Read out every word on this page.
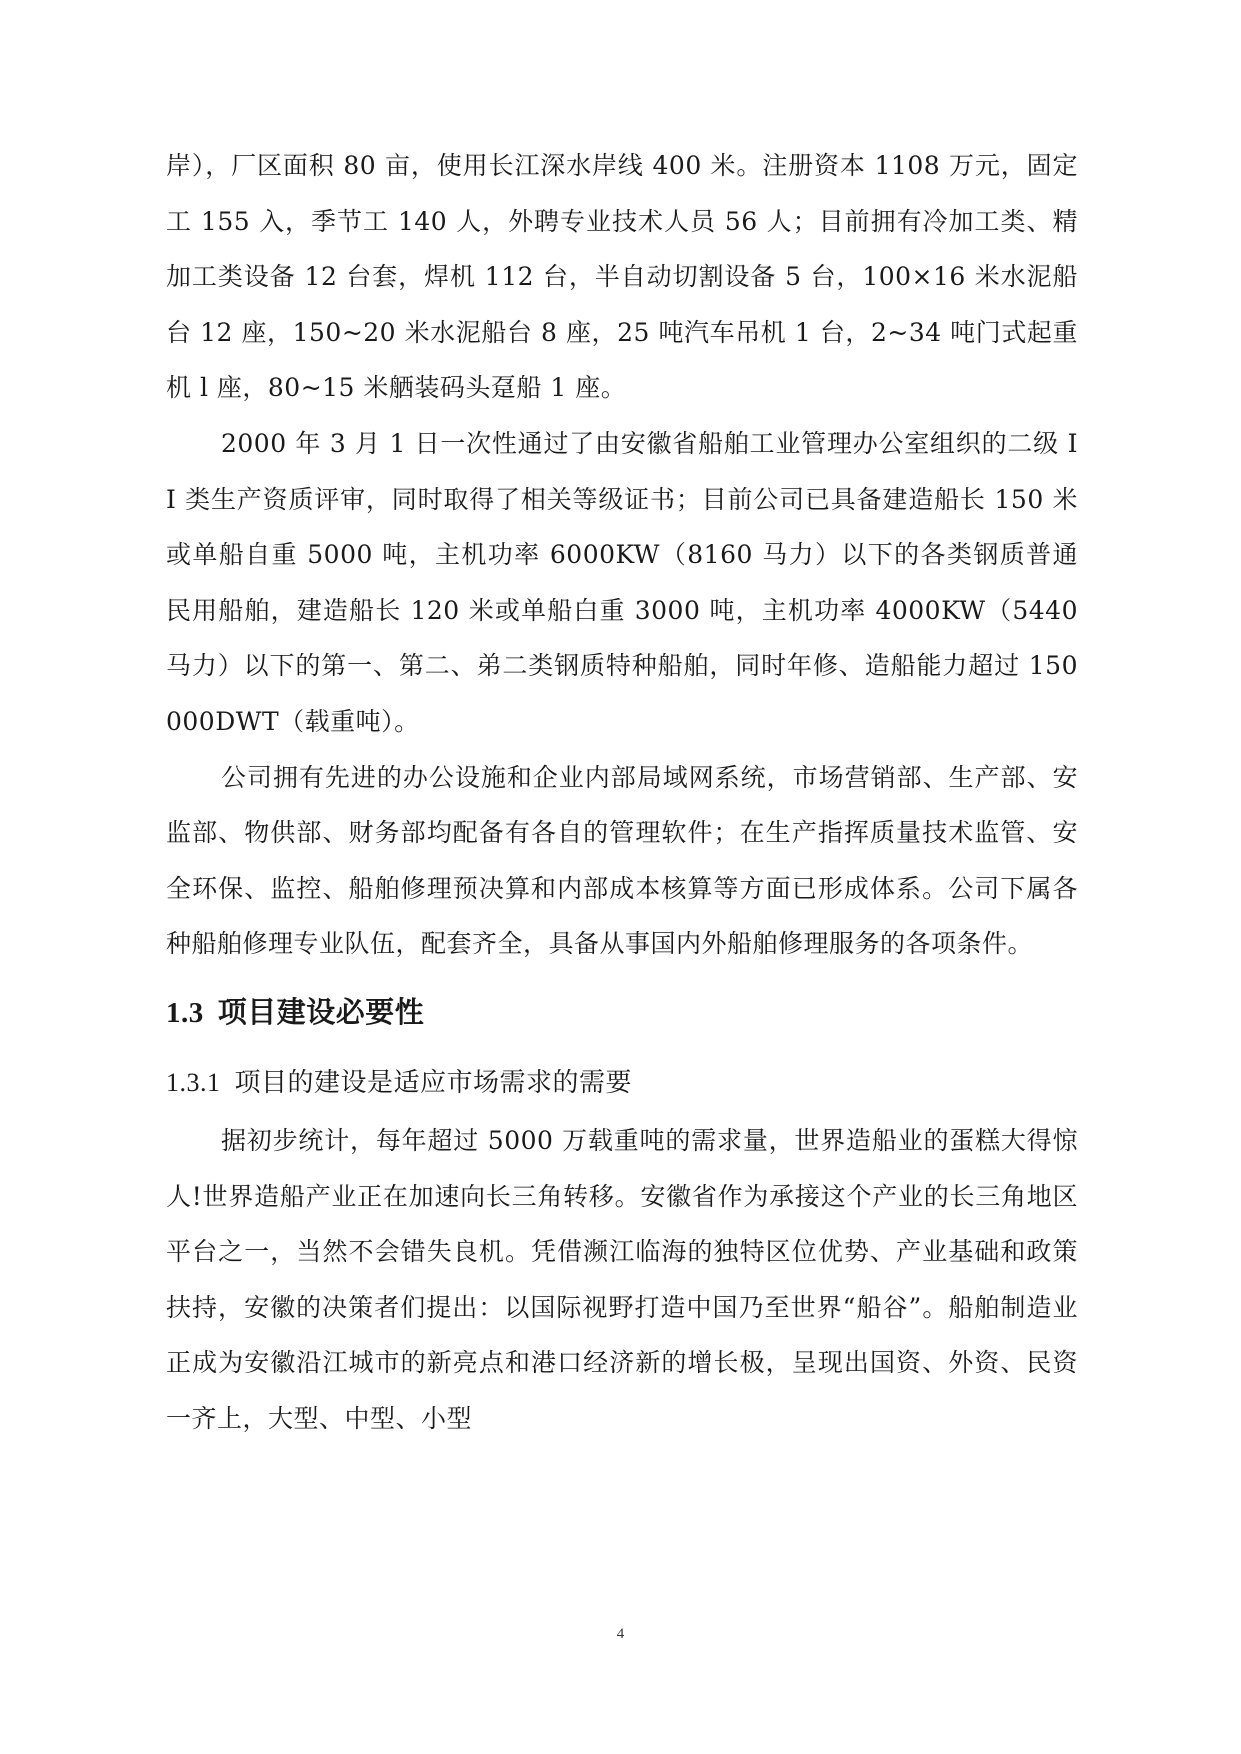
岸），厂区面积 80 亩，使用长江深水岸线 400 米。注册资本 1108 万元，固定工 155 入，季节工 140 人，外聘专业技术人员 56 人；目前拥有冷加工类、精加工类设备 12 台套，焊机 112 台，半自动切割设备 5 台，100×16 米水泥船台 12 座，150~20 米水泥船台 8 座，25 吨汽车吊机 1 台，2~34 吨门式起重机 l 座，80~15 米舾装码头趸船 1 座。

2000 年 3 月 1 日一次性通过了由安徽省船舶工业管理办公室组织的二级 II 类生产资质评审，同时取得了相关等级证书；目前公司已具备建造船长 150 米或单船自重 5000 吨，主机功率 6000KW（8160 马力）以下的各类钢质普通民用船舶，建造船长 120 米或单船白重 3000 吨，主机功率 4000KW（5440 马力）以下的第一、第二、弟二类钢质特种船舶，同时年修、造船能力超过 150000DWT（载重吨）。

公司拥有先进的办公设施和企业内部局域网系统，市场营销部、生产部、安监部、物供部、财务部均配备有各自的管理软件；在生产指挥质量技术监管、安全环保、监控、船舶修理预决算和内部成本核算等方面已形成体系。公司下属各种船舶修理专业队伍，配套齐全，具备从事国内外船舶修理服务的各项条件。

1.3 项目建设必要性
1.3.1 项目的建设是适应市场需求的需要

据初步统计，每年超过 5000 万载重吨的需求量，世界造船业的蛋糕大得惊人!世界造船产业正在加速向长三角转移。安徽省作为承接这个产业的长三角地区平台之一，当然不会错失良机。凭借濒江临海的独特区位优势、产业基础和政策扶持，安徽的决策者们提出：以国际视野打造中国乃至世界“船谷”。船舶制造业正成为安徽沿江城市的新亮点和港口经济新的增长极，呈现出国资、外资、民资一齐上，大型、中型、小型

4
